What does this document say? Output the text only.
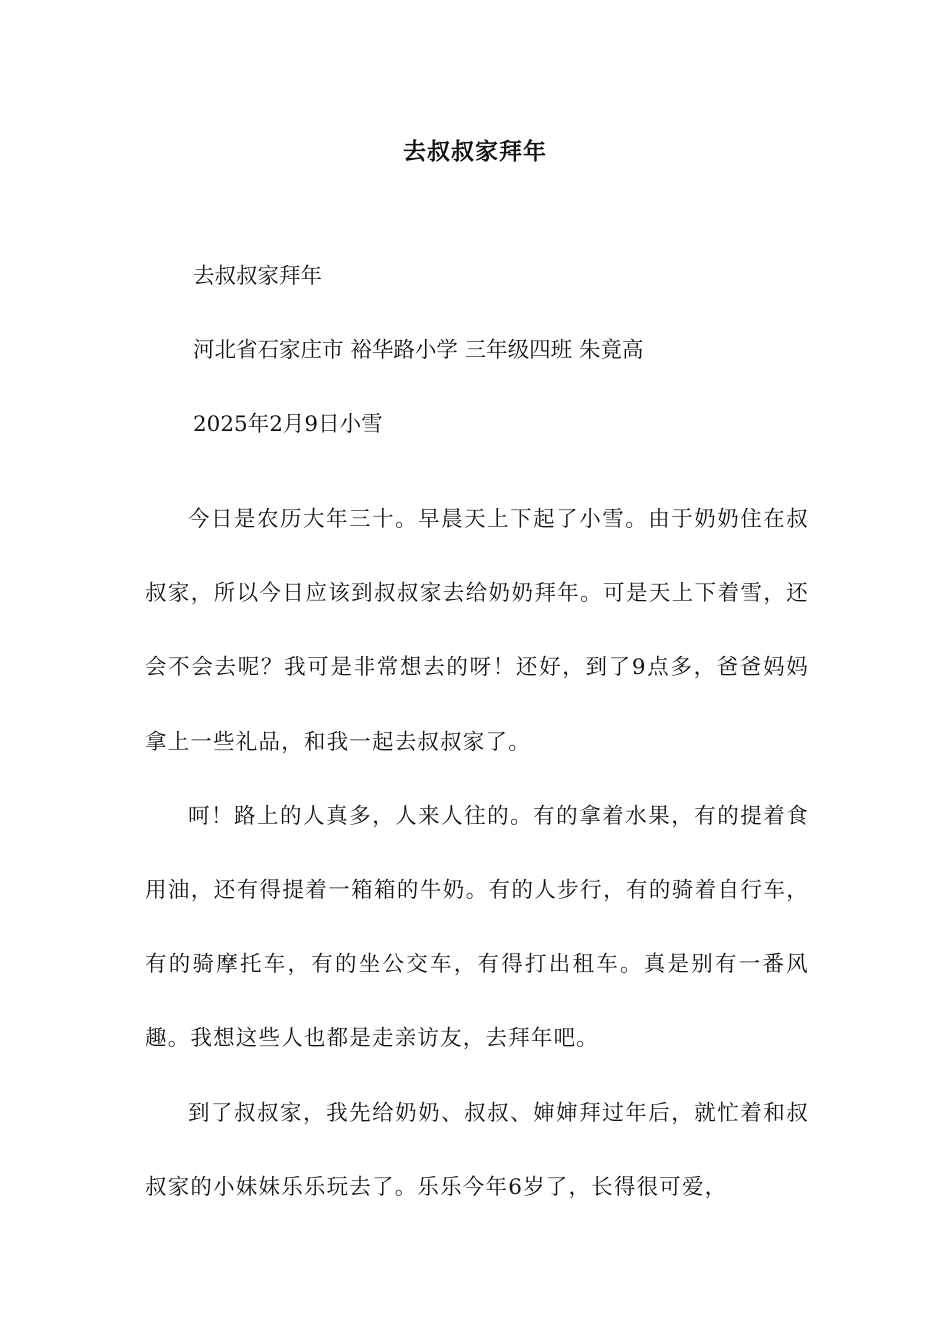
去叔叔家拜年
去叔叔家拜年
河北省石家庄市 裕华路小学 三年级四班 朱竟高
2025年2月9日小雪

今日是农历大年三十。早晨天上下起了小雪。由于奶奶住在叔叔家，所以今日应该到叔叔家去给奶奶拜年。可是天上下着雪，还会不会去呢？我可是非常想去的呀！还好，到了9点多，爸爸妈妈拿上一些礼品，和我一起去叔叔家了。

呵！路上的人真多，人来人往的。有的拿着水果，有的提着食用油，还有得提着一箱箱的牛奶。有的人步行，有的骑着自行车，有的骑摩托车，有的坐公交车，有得打出租车。真是别有一番风趣。我想这些人也都是走亲访友，去拜年吧。

到了叔叔家，我先给奶奶、叔叔、婶婶拜过年后，就忙着和叔叔家的小妹妹乐乐玩去了。乐乐今年6岁了，长得很可爱，
